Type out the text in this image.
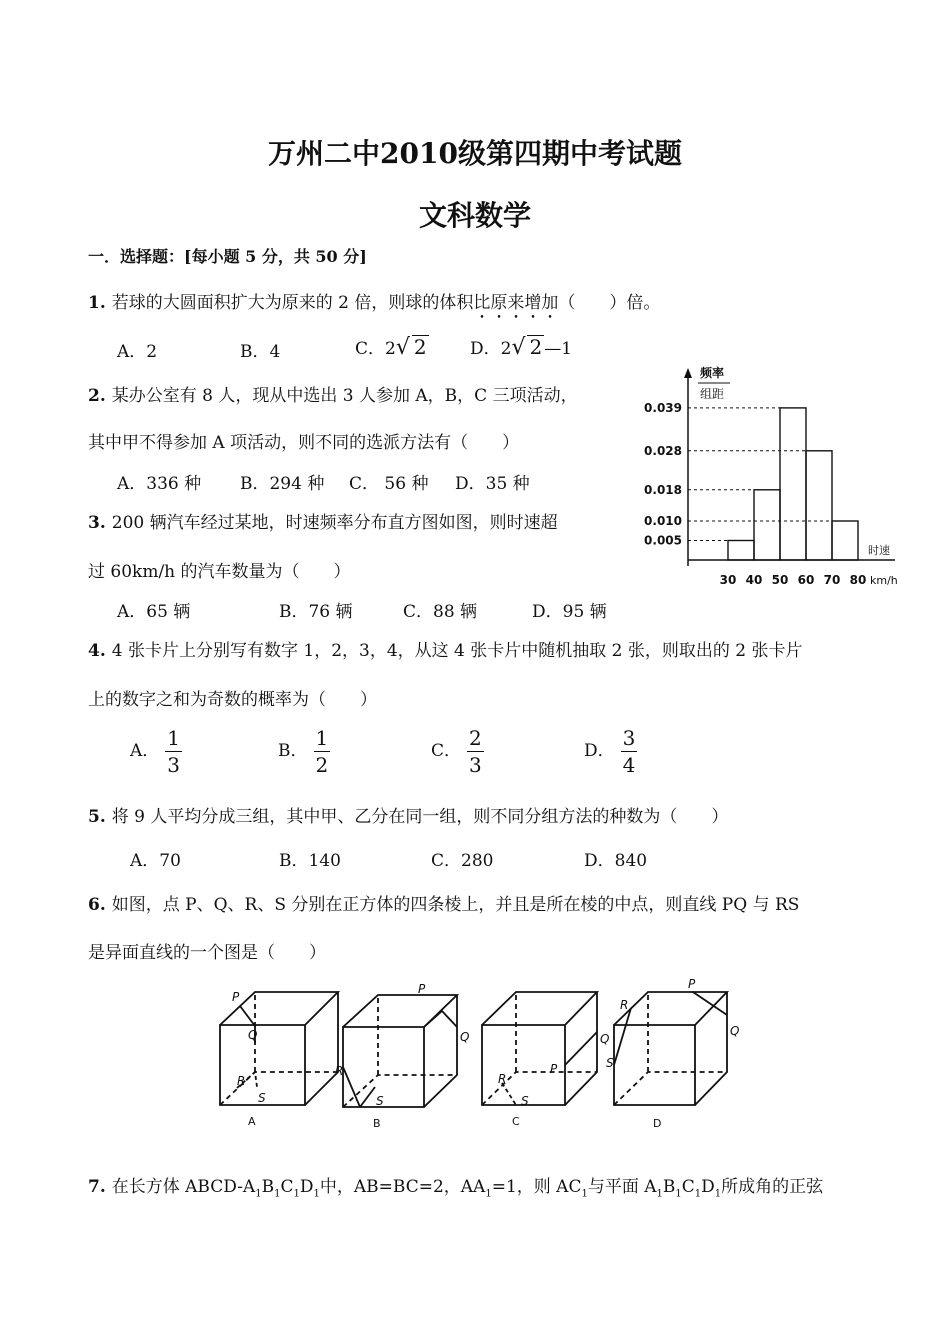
万州二中2010级第四期中考试题
文科数学
一．选择题：[每小题 5 分，共 50 分]
1. 若球的大圆面积扩大为原来的 2 倍，则球的体积比原来增加（　　）倍。
A．2	B．4	C．2√ 2	D．2√ 2 —1
2. 某办公室有 8 人，现从中选出 3 人参加 A，B，C 三项活动，
其中甲不得参加 A 项活动，则不同的选派方法有（　　）
A．336 种 B．294 种 C． 56 种 D．35 种
3. 200 辆汽车经过某地，时速频率分布直方图如图，则时速超
过 60km/h 的汽车数量为（　　）
A．65 辆	B．76 辆	C．88 辆	D．95 辆
频率
组距
时速
km/h
0.039
0.028
0.018
0.010
0.005
30 40 50 60 70 80
4. 4 张卡片上分别写有数字 1，2，3，4，从这 4 张卡片中随机抽取 2 张，则取出的 2 张卡片
上的数字之和为奇数的概率为（　　）
A． $\frac{1}{3}$	B． $\frac{1}{2}$	C． $\frac{2}{3}$	D． $\frac{3}{4}$
5. 将 9 人平均分成三组，其中甲、乙分在同一组，则不同分组方法的种数为（　　）
A．70	B．140	C．280	D．840
6. 如图，点 P、Q、R、S 分别在正方体的四条棱上，并且是所在棱的中点，则直线 PQ 与 RS
是异面直线的一个图是（　　）
P
Q
R
S
P
Q
R
S
Q
P
R
S
P
Q
R
S
A	B	C	D
7. 在长方体 ABCD-$A_1B_1C_1D_1$中，AB=BC=2，$AA_1=1$，则 $AC_1$与平面 $A_1B_1C_1D_1$所成角的正弦
